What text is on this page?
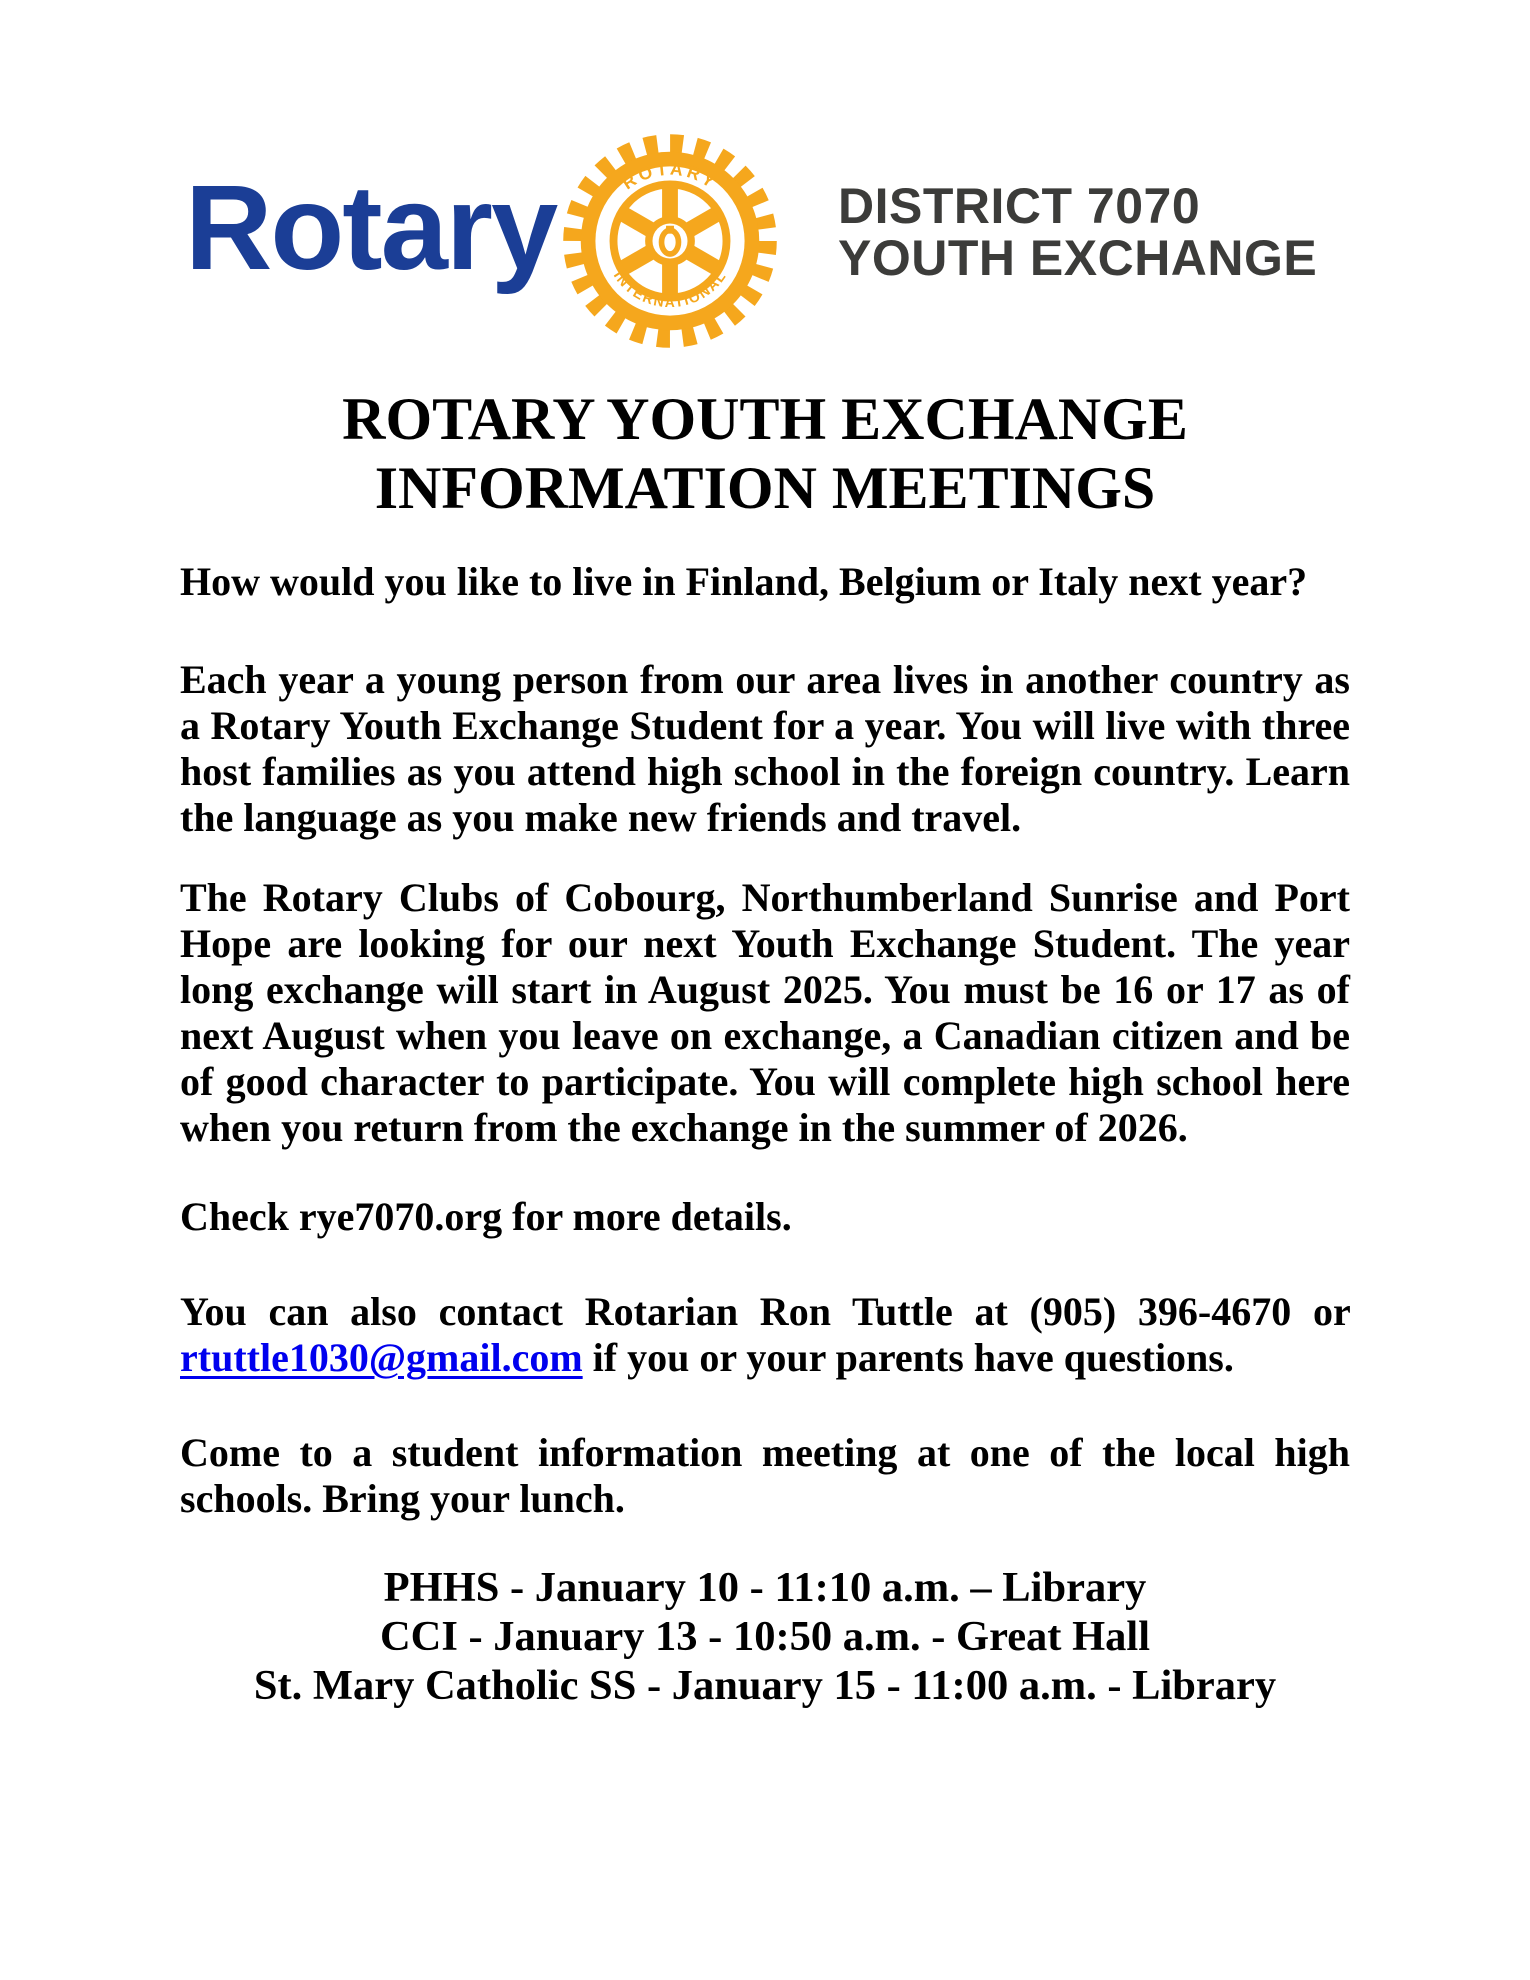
Rotary	ROTARY
INTERNATIONAL
DISTRICT 7070
YOUTH EXCHANGE
ROTARY YOUTH EXCHANGE
INFORMATION MEETINGS

How would you like to live in Finland, Belgium or Italy next year?

Each year a young person from our area lives in another country as a Rotary Youth Exchange Student for a year. You will live with three host families as you attend high school in the foreign country. Learn the language as you make new friends and travel.

The Rotary Clubs of Cobourg, Northumberland Sunrise and Port Hope are looking for our next Youth Exchange Student. The year long exchange will start in August 2025. You must be 16 or 17 as of next August when you leave on exchange, a Canadian citizen and be of good character to participate. You will complete high school here when you return from the exchange in the summer of 2026.

Check rye7070.org for more details.

You can also contact Rotarian Ron Tuttle at (905) 396-4670 or rtuttle1030@gmail.com if you or your parents have questions.

Come to a student information meeting at one of the local high schools. Bring your lunch.

PHHS - January 10 - 11:10 a.m. – Library
CCI - January 13 - 10:50 a.m. - Great Hall
St. Mary Catholic SS - January 15 - 11:00 a.m. - Library
